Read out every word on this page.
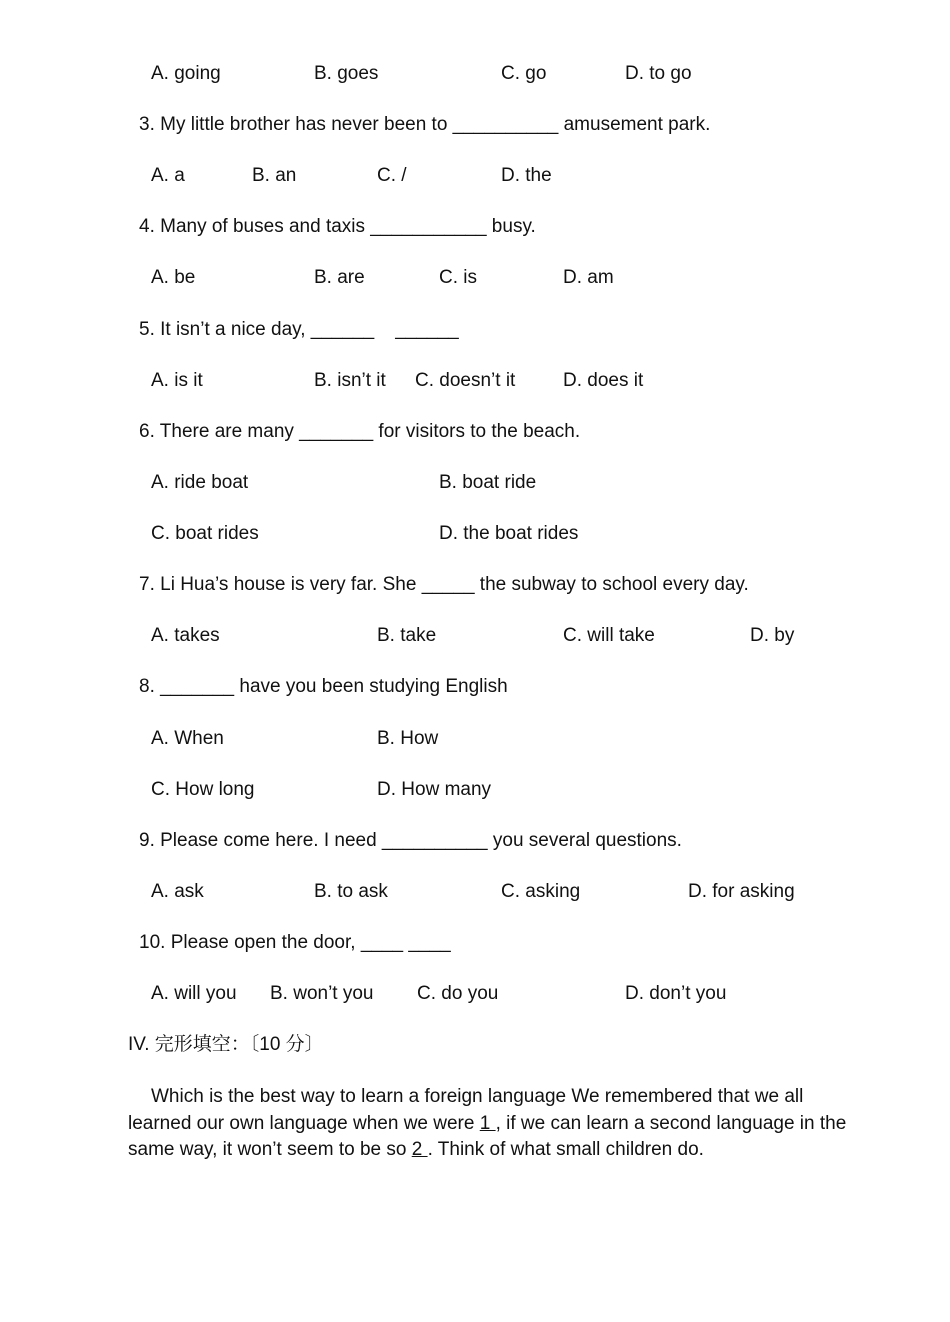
A. going	B. goes	C. go	D. to go
3. My little brother has never been to __________ amusement park.
A. a	B. an	C. /	D. the
4. Many of buses and taxis ___________ busy.
A. be	B. are	C. is	D. am
5. It isn’t a nice day, ______    ______
A. is it	B. isn’t it C. doesn’t it	D. does it
6. There are many _______ for visitors to the beach.
A. ride boat	B. boat ride
C. boat rides	D. the boat rides
7. Li Hua’s house is very far. She _____ the subway to school every day.
A. takes	B. take	C. will take	D. by
8. _______ have you been studying English
A. When	B. How
C. How long	D. How many
9. Please come here. I need __________ you several questions.
A. ask	B. to ask	C. asking	D. for asking
10. Please open the door, ____ ____
A. will you B. won’t you C. do you	D. don’t you
IV. 完形填空：〔10 分〕
Which is the best way to learn a foreign language We remembered that we all learned our own language when we were 1 , if we can learn a second language in the same way, it won’t seem to be so 2 . Think of what small children do.
